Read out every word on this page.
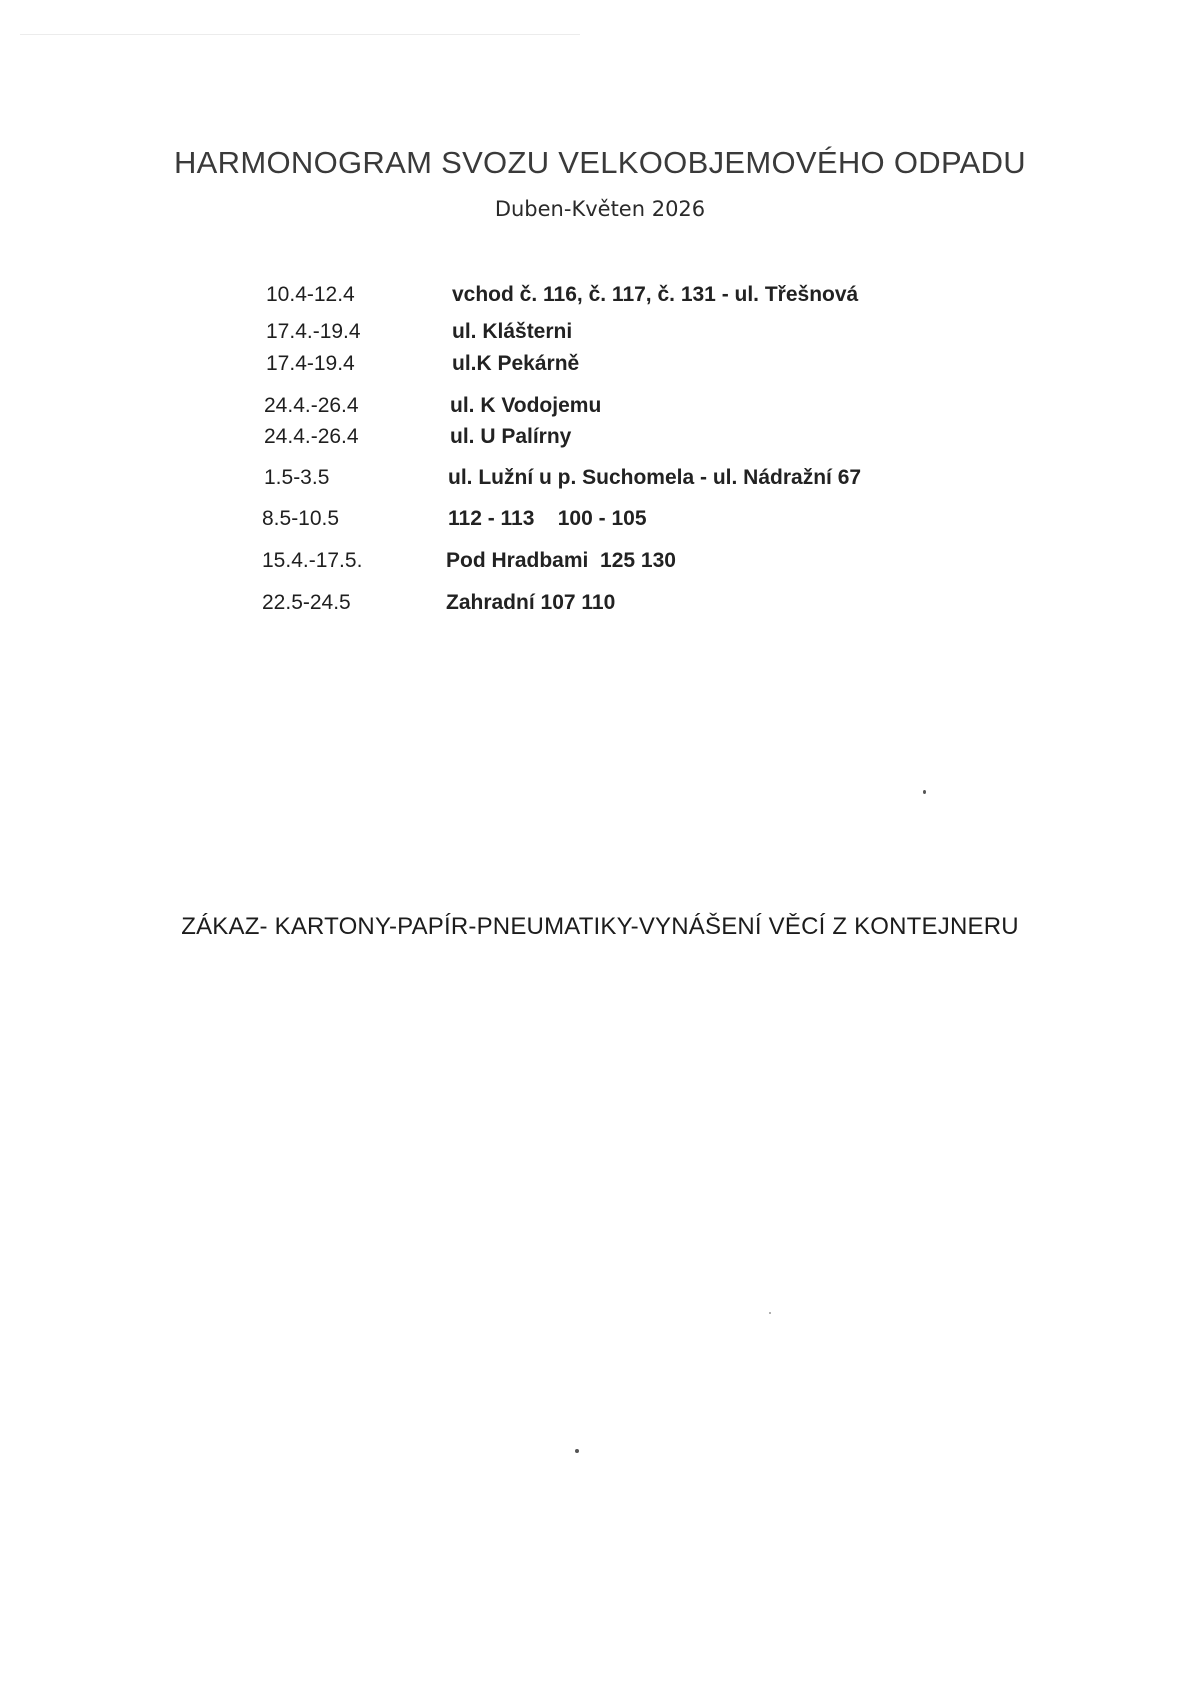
HARMONOGRAM SVOZU VELKOOBJEMOVÉHO ODPADU
Duben-Květen 2026
10.4-12.4	vchod č. 116, č. 117, č. 131 - ul. Třešnová
17.4.-19.4	ul. Klášterni
17.4-19.4	ul.K Pekárně
24.4.-26.4	ul. K Vodojemu
24.4.-26.4	ul. U Palírny
1.5-3.5	ul. Lužní u p. Suchomela - ul. Nádražní 67
8.5-10.5	112 - 113    100 - 105
15.4.-17.5.	Pod Hradbami  125 130
22.5-24.5	Zahradní 107 110
ZÁKAZ- KARTONY-PAPÍR-PNEUMATIKY-VYNÁŠENÍ VĚCÍ Z KONTEJNERU
